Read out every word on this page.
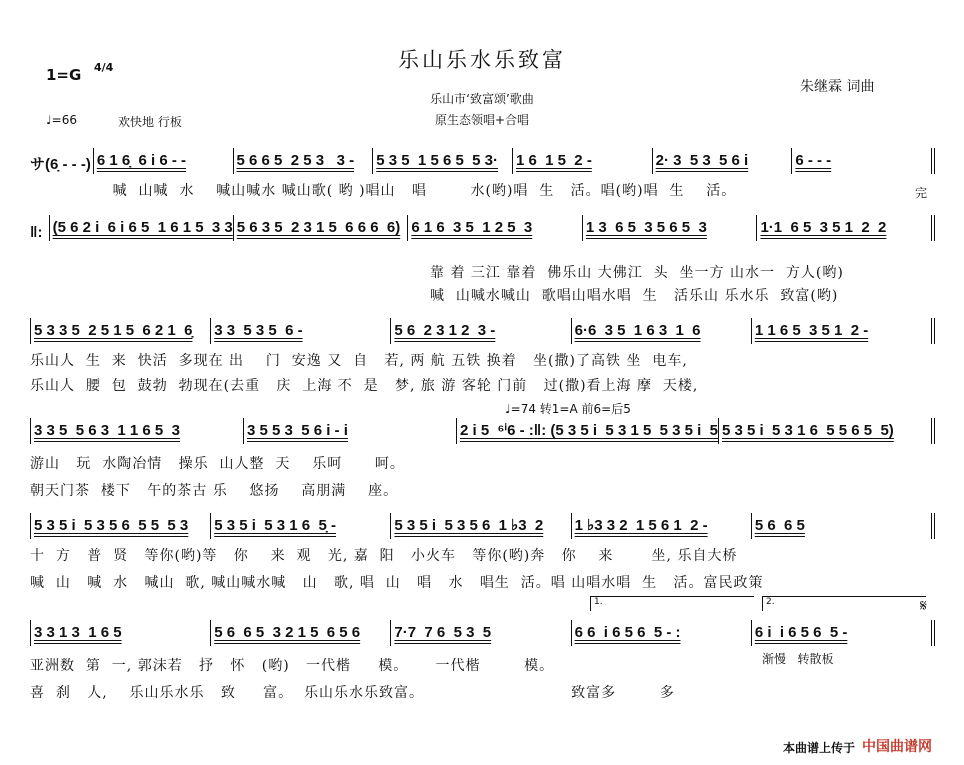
乐山乐水乐致富
乐山市‘致富颂’歌曲
原生态领唱+合唱
朱继霖 词曲
1=G 4/4
♩=66	欢快地 行板
サ(6̣ - - -) 6 1 6̣  6 i 6 - -	5 6 6 5  2 5 3   3 -	5 3 5  1 5 6 5  5 3·	1 6  1 5  2 -	2· 3  5 3  5 6 i	6 - - -
‖: (5 6 2 i  6 i 6 5  1 6 1 5  3 3 5 6 3 5  2 3 1 5  6 6 6  6) 6 1 6  3 5  1 2 5  3	1 3  6 5  3 5 6 5  3	1·1  6 5  3 5 1  2  2
5 3 3 5  2 5 1 5  6 2 1  6̣	3 3  5 3 5  6 -	5 6  2 3 1 2  3 -	6·6  3 5  1 6 3  1  6	1 1 6 5  3 5 1  2 -
3 3 5  5 6 3  1 1 6 5  3	3 5 5 3  5 6 i - i	2 i 5  ⁶ⁱ6 - :‖: (5 3 5 i  5 3 1 5  5 3 5 i  5 5 3 5 i  5 3 1 6  5 5 6 5  5)
5 3 5 i  5 3 5 6  5 5  5 3	5 3 5 i  5 3 1 6  5̣ -	5 3 5 i  5 3 5 6  1 ♭3  2	1 ♭3 3 2  1 5 6 1  2 -	5 6  6 5
3 3 1 3  1 6 5	5 6  6 5  3 2 1 5  6 5 6	7·7  7 6  5 3  5	6 6  i 6 5 6  5 - :	6 i  i 6 5 6  5 -
喊  山喊  水    喊山喊水 喊山歌( 哟 )唱山   唱        水(哟)唱  生   活。唱(哟)唱  生    活。	完
靠 着 三江 靠着  佛乐山 大佛江  头  坐一方 山水一  方人(哟)
喊  山喊水喊山  歌唱山唱水唱  生   活乐山 乐水乐  致富(哟)
乐山人  生  来  快活  多现在 出    门  安逸 又  自   若, 两 航 五铁 换着   坐(撒)了高铁 坐  电车,
乐山人  腰  包  鼓勃  勃现在(去重   庆  上海 不  是   梦, 旅 游 客轮 门前   过(撒)看上海 摩  天楼,
♩=74 转1=A 前6=后5
游山   玩  水陶冶情   操乐  山人整  天    乐呵      呵。
朝天门茶  楼下   午的茶古 乐    悠扬    高朋满    座。
十  方   普  贤   等你(哟)等   你    来  观   光, 嘉  阳   小火车   等你(哟)奔   你    来       坐, 乐自大桥
喊  山   喊  水   喊山  歌, 喊山喊水喊   山   歌, 唱  山   唱   水   唱生  活。唱 山唱水唱  生   活。富民政策
1.	2.	𝄋
亚洲数  第  一, 郭沫若   抒   怀   (哟)   一代楷     模。     一代楷        模。	渐慢   转散板
喜  刹   人,    乐山乐水乐   致     富。  乐山乐水乐致富。                           致富多        多
本曲谱上传于 中国曲谱网
